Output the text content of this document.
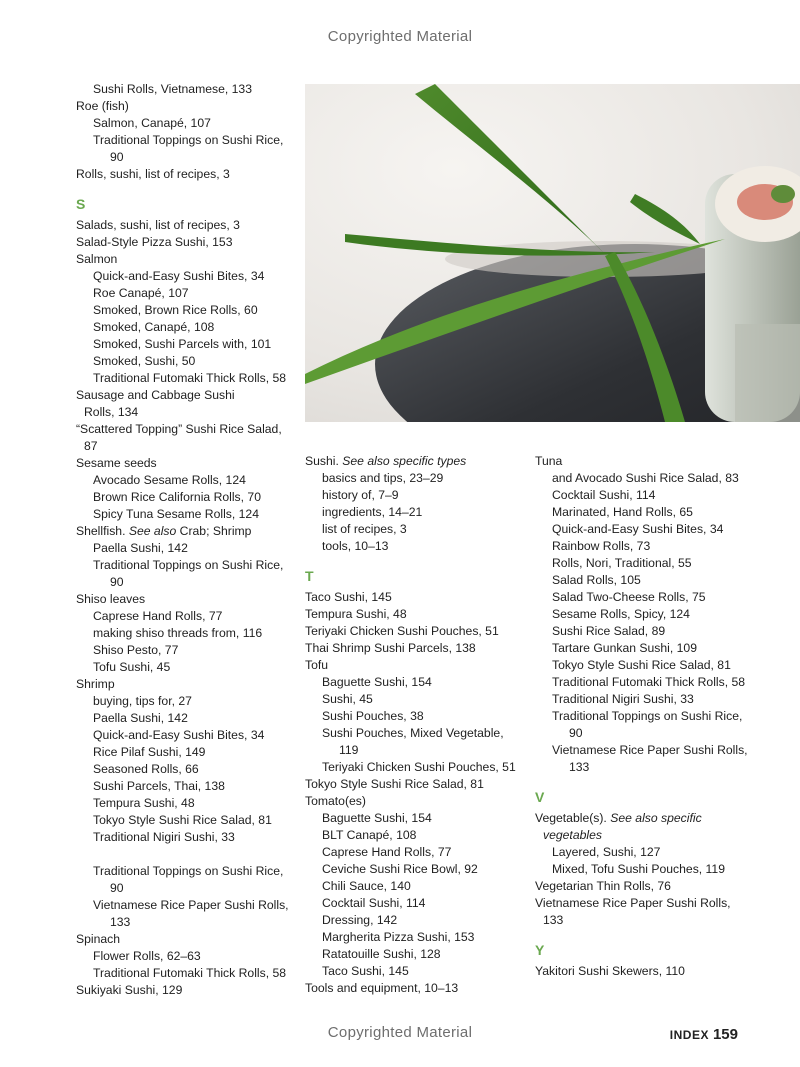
Copyrighted Material
Sushi Rolls, Vietnamese, 133
Roe (fish)
Salmon, Canapé, 107
Traditional Toppings on Sushi Rice,
90
Rolls, sushi, list of recipes, 3
S
Salads, sushi, list of recipes, 3
Salad-Style Pizza Sushi, 153
Salmon
Quick-and-Easy Sushi Bites, 34
Roe Canapé, 107
Smoked, Brown Rice Rolls, 60
Smoked, Canapé, 108
Smoked, Sushi Parcels with, 101
Smoked, Sushi, 50
Traditional Futomaki Thick Rolls, 58
Sausage and Cabbage Sushi
Rolls, 134
“Scattered Topping” Sushi Rice Salad,
87
Sesame seeds
Avocado Sesame Rolls, 124
Brown Rice California Rolls, 70
Spicy Tuna Sesame Rolls, 124
Shellfish. See also Crab; Shrimp
Paella Sushi, 142
Traditional Toppings on Sushi Rice,
90
Shiso leaves
Caprese Hand Rolls, 77
making shiso threads from, 116
Shiso Pesto, 77
Tofu Sushi, 45
Shrimp
buying, tips for, 27
Paella Sushi, 142
Quick-and-Easy Sushi Bites, 34
Rice Pilaf Sushi, 149
Seasoned Rolls, 66
Sushi Parcels, Thai, 138
Tempura Sushi, 48
Tokyo Style Sushi Rice Salad, 81
Traditional Nigiri Sushi, 33
Traditional Toppings on Sushi Rice,
90
Vietnamese Rice Paper Sushi Rolls,
133
Spinach
Flower Rolls, 62–63
Traditional Futomaki Thick Rolls, 58
Sukiyaki Sushi, 129
Sushi. See also specific types
basics and tips, 23–29
history of, 7–9
ingredients, 14–21
list of recipes, 3
tools, 10–13
T
Taco Sushi, 145
Tempura Sushi, 48
Teriyaki Chicken Sushi Pouches, 51
Thai Shrimp Sushi Parcels, 138
Tofu
Baguette Sushi, 154
Sushi, 45
Sushi Pouches, 38
Sushi Pouches, Mixed Vegetable,
119
Teriyaki Chicken Sushi Pouches, 51
Tokyo Style Sushi Rice Salad, 81
Tomato(es)
Baguette Sushi, 154
BLT Canapé, 108
Caprese Hand Rolls, 77
Ceviche Sushi Rice Bowl, 92
Chili Sauce, 140
Cocktail Sushi, 114
Dressing, 142
Margherita Pizza Sushi, 153
Ratatouille Sushi, 128
Taco Sushi, 145
Tools and equipment, 10–13
Tuna
and Avocado Sushi Rice Salad, 83
Cocktail Sushi, 114
Marinated, Hand Rolls, 65
Quick-and-Easy Sushi Bites, 34
Rainbow Rolls, 73
Rolls, Nori, Traditional, 55
Salad Rolls, 105
Salad Two-Cheese Rolls, 75
Sesame Rolls, Spicy, 124
Sushi Rice Salad, 89
Tartare Gunkan Sushi, 109
Tokyo Style Sushi Rice Salad, 81
Traditional Futomaki Thick Rolls, 58
Traditional Nigiri Sushi, 33
Traditional Toppings on Sushi Rice,
90
Vietnamese Rice Paper Sushi Rolls,
133
V
Vegetable(s). See also specific
vegetables
Layered, Sushi, 127
Mixed, Tofu Sushi Pouches, 119
Vegetarian Thin Rolls, 76
Vietnamese Rice Paper Sushi Rolls,
133
Y
Yakitori Sushi Skewers, 110
Copyrighted Material	INDEX 159
